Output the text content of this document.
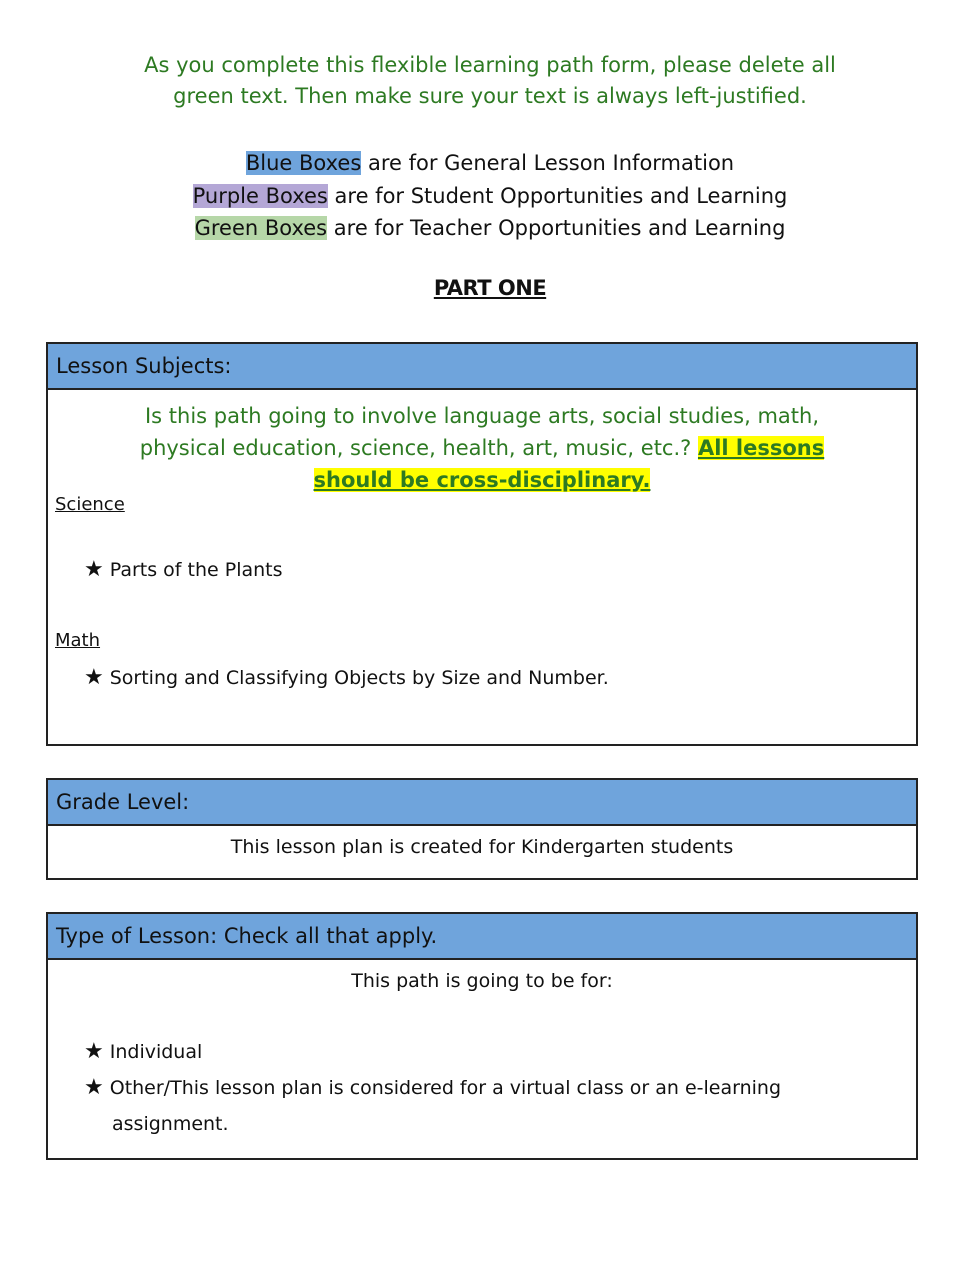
As you complete this flexible learning path form, please delete all
green text. Then make sure your text is always left-justified.
Blue Boxes are for General Lesson Information
Purple Boxes are for Student Opportunities and Learning
Green Boxes are for Teacher Opportunities and Learning
PART ONE
Lesson Subjects:
Is this path going to involve language arts, social studies, math,
physical education, science, health, art, music, etc.? All lessons
should be cross-disciplinary.
Science
★ Parts of the Plants
Math
★ Sorting and Classifying Objects by Size and Number.
Grade Level:
This lesson plan is created for Kindergarten students
Type of Lesson: Check all that apply.
This path is going to be for:
★ Individual
★ Other/This lesson plan is considered for a virtual class or an e-learning
assignment.
